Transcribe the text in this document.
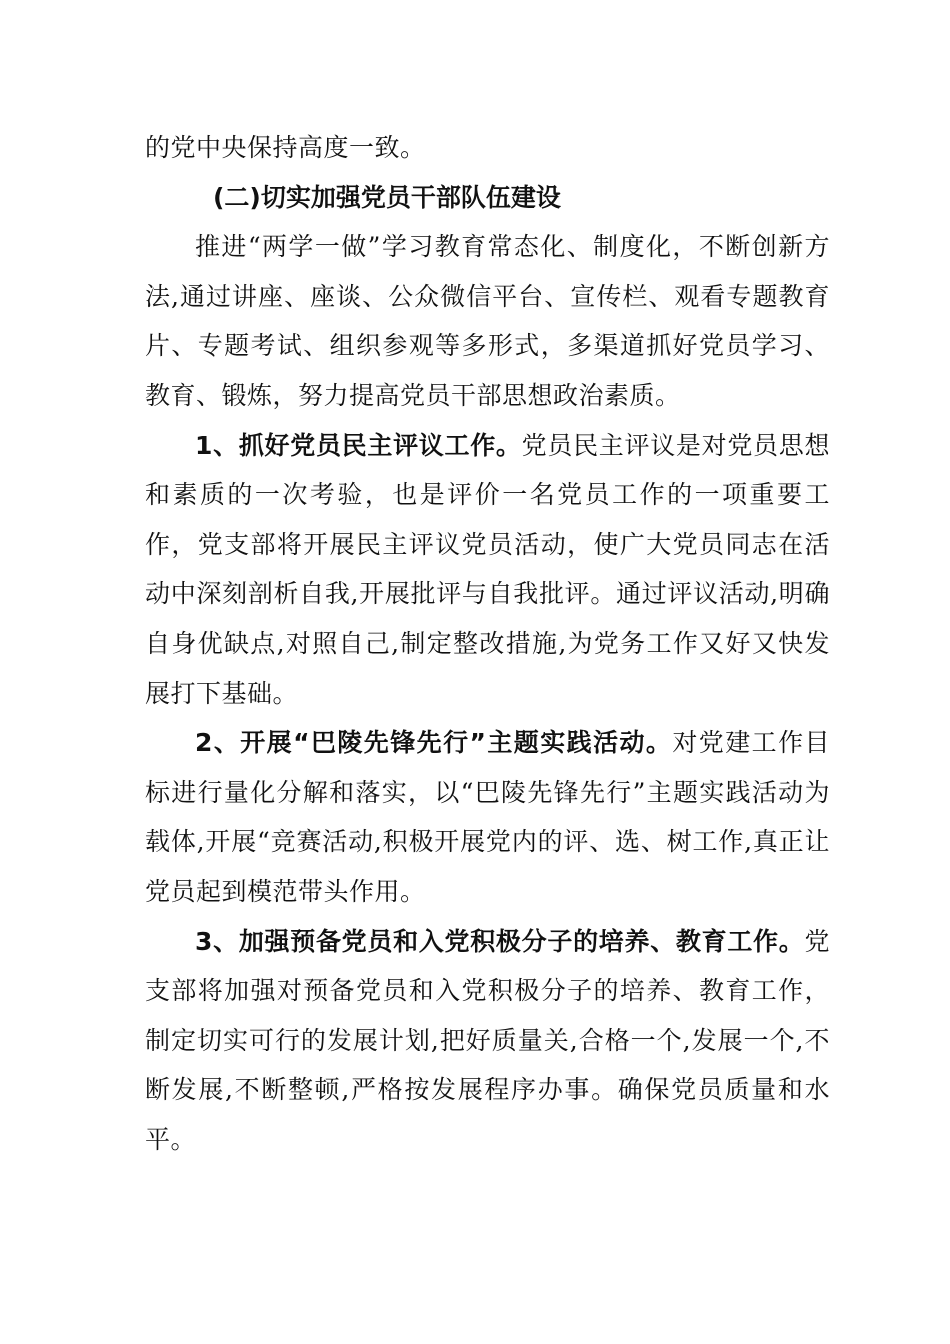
的党中央保持高度一致。

(二)切实加强党员干部队伍建设

推进“两学一做”学习教育常态化、制度化，不断创新方法,通过讲座、座谈、公众微信平台、宣传栏、观看专题教育片、专题考试、组织参观等多形式，多渠道抓好党员学习、教育、锻炼，努力提高党员干部思想政治素质。

1、抓好党员民主评议工作。党员民主评议是对党员思想和素质的一次考验，也是评价一名党员工作的一项重要工作，党支部将开展民主评议党员活动，使广大党员同志在活动中深刻剖析自我,开展批评与自我批评。通过评议活动,明确自身优缺点,对照自己,制定整改措施,为党务工作又好又快发展打下基础。

2、开展“巴陵先锋先行”主题实践活动。对党建工作目标进行量化分解和落实，以“巴陵先锋先行”主题实践活动为载体,开展“竞赛活动,积极开展党内的评、选、树工作,真正让党员起到模范带头作用。

3、加强预备党员和入党积极分子的培养、教育工作。党支部将加强对预备党员和入党积极分子的培养、教育工作，制定切实可行的发展计划,把好质量关,合格一个,发展一个,不断发展,不断整顿,严格按发展程序办事。确保党员质量和水平。
